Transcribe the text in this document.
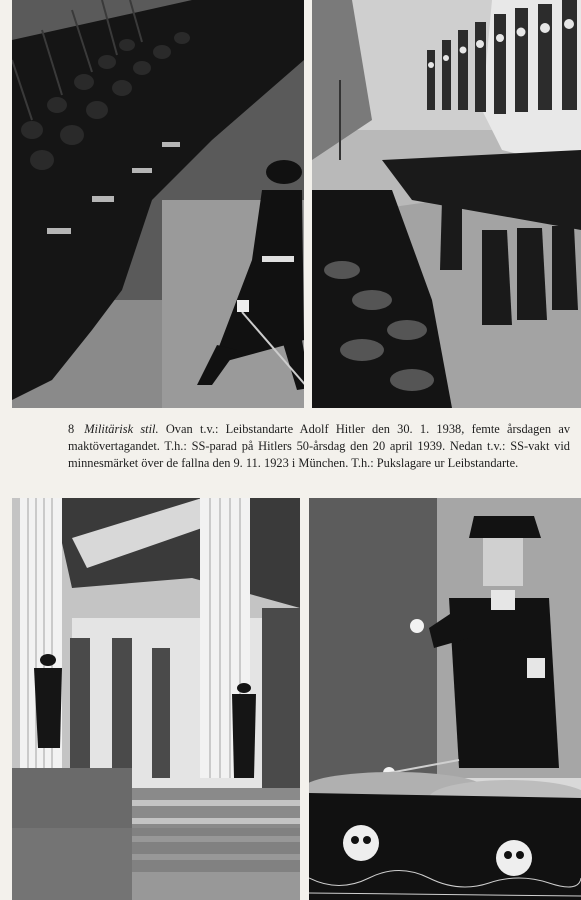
8 Militärisk stil. Ovan t.v.: Leibstandarte Adolf Hitler den 30. 1. 1938, femte årsdagen av maktövertagandet. T.h.: SS-parad på Hitlers 50-årsdag den 20 april 1939. Nedan t.v.: SS-vakt vid minnesmärket över de fallna den 9. 11. 1923 i München. T.h.: Pukslagare ur Leibstandarte.
